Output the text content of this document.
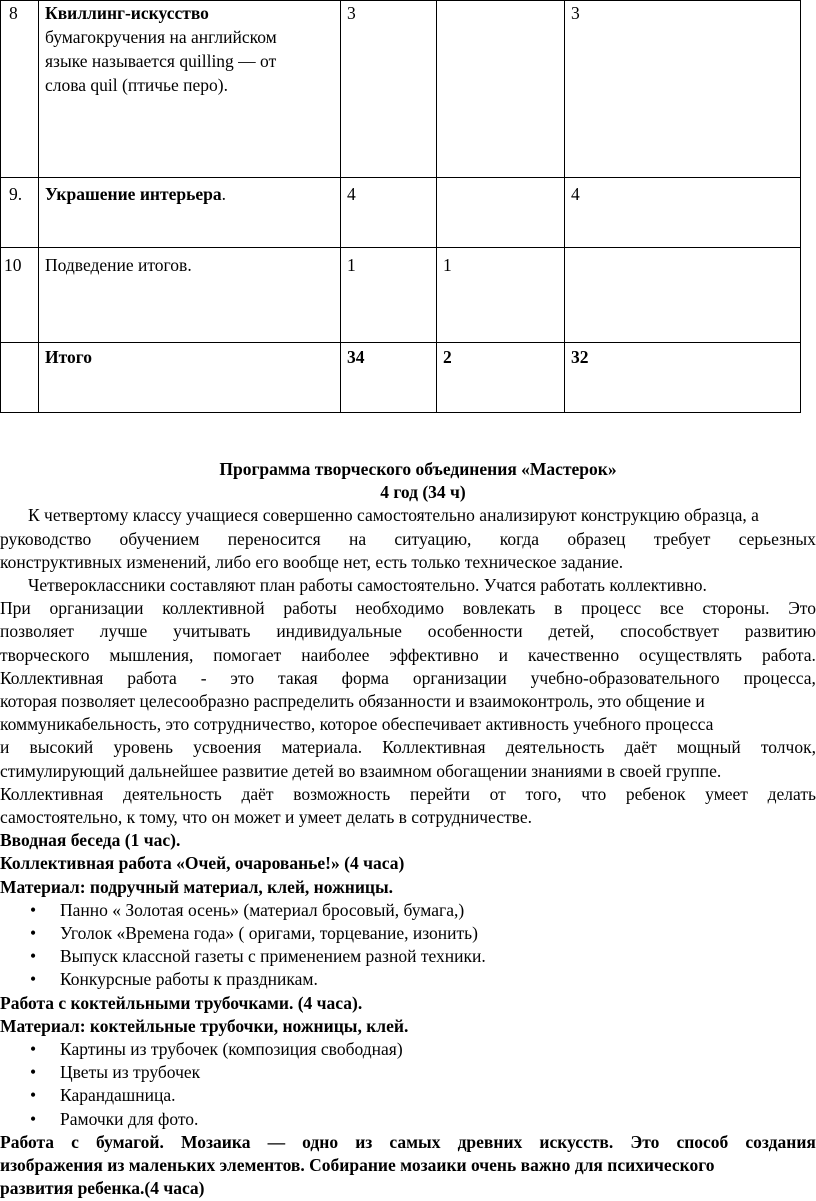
8	Квиллинг-искусство
бумагокручения на английском
языке называется quilling — от
слова quil (птичье перо).	3		3
9.	Украшение интерьера.	4		4
10	Подведение итогов.	1	1	
	Итого	34	2	32
Программа творческого объединения «Мастерок»
4 год (34 ч)
К четвертому классу учащиеся совершенно самостоятельно анализируют конструкцию образца, а
руководство обучением переносится на ситуацию, когда образец требует серьезных
конструктивных изменений, либо его вообще нет, есть только техническое задание.
Четвероклассники составляют план работы самостоятельно. Учатся работать коллективно.
При организации коллективной работы необходимо вовлекать в процесс все стороны. Это
позволяет лучше учитывать индивидуальные особенности детей, способствует развитию
творческого мышления, помогает наиболее эффективно и качественно осуществлять работа.
Коллективная работа - это такая форма организации учебно-образовательного процесса,
которая позволяет целесообразно распределить обязанности и взаимоконтроль, это общение и
коммуникабельность, это сотрудничество, которое обеспечивает активность учебного процесса
и высокий уровень усвоения материала. Коллективная деятельность даёт мощный толчок,
стимулирующий дальнейшее развитие детей во взаимном обогащении знаниями в своей группе.
Коллективная деятельность даёт возможность перейти от того, что ребенок умеет делать
самостоятельно, к тому, что он может и умеет делать в сотрудничестве.
Вводная беседа (1 час).
Коллективная работа «Очей, очарованье!» (4 часа)
Материал: подручный материал, клей, ножницы.
• Панно « Золотая осень» (материал бросовый, бумага,)
• Уголок «Времена года» ( оригами, торцевание, изонить)
• Выпуск классной газеты с применением разной техники.
• Конкурсные работы к праздникам.
Работа с коктейльными трубочками. (4 часа).
Материал: коктейльные трубочки, ножницы, клей.
• Картины из трубочек (композиция свободная)
• Цветы из трубочек
• Карандашница.
• Рамочки для фото.
Работа с бумагой. Мозаика — одно из самых древних искусств. Это способ создания
изображения из маленьких элементов. Собирание мозаики очень важно для психического
развития ребенка.(4 часа)
